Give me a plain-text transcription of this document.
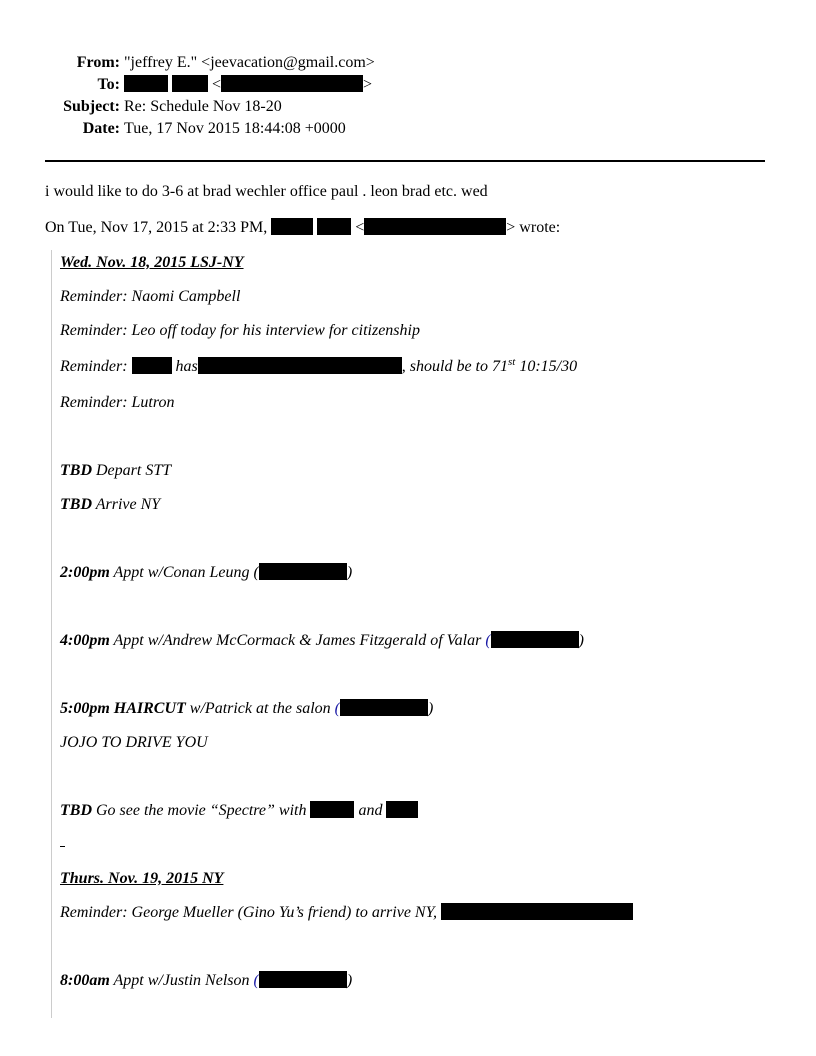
From: "jeffrey E." <jeevacation@gmail.com>
To:	<	>
Subject: Re: Schedule Nov 18-20
Date: Tue, 17 Nov 2015 18:44:08 +0000
i would like to do 3-6 at brad wechler office paul . leon brad etc. wed
On Tue, Nov 17, 2015 at 2:33 PM,	<	> wrote:
Wed. Nov. 18, 2015 LSJ-NY
Reminder: Naomi Campbell
Reminder: Leo off today for his interview for citizenship
Reminder:	has	, should be to 71st 10:15/30
Reminder: Lutron
TBD Depart STT
TBD Arrive NY
2:00pm Appt w/Conan Leung (	)
4:00pm Appt w/Andrew McCormack & James Fitzgerald of Valar (	)
5:00pm HAIRCUT w/Patrick at the salon (	)
JOJO TO DRIVE YOU
TBD Go see the movie “Spectre” with	and
Thurs. Nov. 19, 2015 NY
Reminder: George Mueller (Gino Yu’s friend) to arrive NY,
8:00am Appt w/Justin Nelson (	)
